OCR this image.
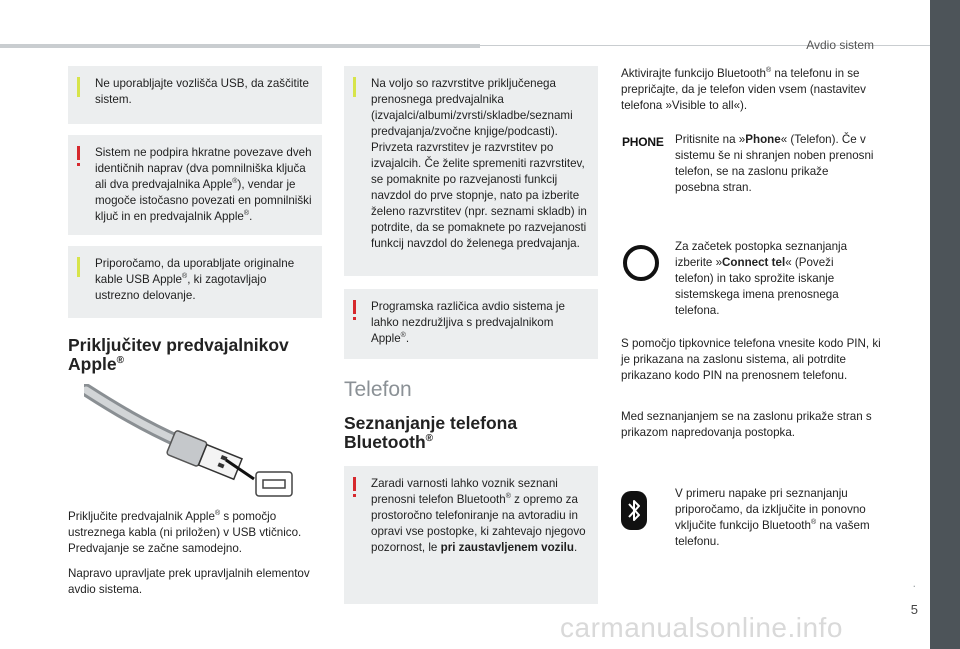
Avdio sistem
.
5
Ne uporabljajte vozlišča USB, da zaščitite sistem.
Sistem ne podpira hkratne povezave dveh identičnih naprav (dva pomnilniška ključa ali dva predvajalnika Apple®), vendar je mogoče istočasno povezati en pomnilniški ključ in en predvajalnik Apple®.
Priporočamo, da uporabljate originalne kable USB Apple®, ki zagotavljajo ustrezno delovanje.
Priključitev predvajalnikov Apple®
Priključite predvajalnik Apple® s pomočjo ustreznega kabla (ni priložen) v USB vtičnico. Predvajanje se začne samodejno.
Napravo upravljate prek upravljalnih elementov avdio sistema.
Na voljo so razvrstitve priključenega prenosnega predvajalnika (izvajalci/albumi/zvrsti/skladbe/seznami predvajanja/zvočne knjige/podcasti). Privzeta razvrstitev je razvrstitev po izvajalcih. Če želite spremeniti razvrstitev, se pomaknite po razvejanosti funkcij navzdol do prve stopnje, nato pa izberite želeno razvrstitev (npr. seznami skladb) in potrdite, da se pomaknete po razvejanosti funkcij navzdol do želenega predvajanja.
Programska različica avdio sistema je lahko nezdružljiva s predvajalnikom Apple®.
Telefon
Seznanjanje telefona Bluetooth®
Zaradi varnosti lahko voznik seznani prenosni telefon Bluetooth® z opremo za prostoročno telefoniranje na avtoradiu in opravi vse postopke, ki zahtevajo njegovo pozornost, le pri zaustavljenem vozilu.
Aktivirajte funkcijo Bluetooth® na telefonu in se prepričajte, da je telefon viden vsem (nastavitev telefona »Visible to all«).
PHONE Pritisnite na »Phone« (Telefon). Če v sistemu še ni shranjen noben prenosni telefon, se na zaslonu prikaže posebna stran.
Za začetek postopka seznanjanja izberite »Connect tel« (Poveži telefon) in tako sprožite iskanje sistemskega imena prenosnega telefona.
S pomočjo tipkovnice telefona vnesite kodo PIN, ki je prikazana na zaslonu sistema, ali potrdite prikazano kodo PIN na prenosnem telefonu.
Med seznanjanjem se na zaslonu prikaže stran s prikazom napredovanja postopka.
V primeru napake pri seznanjanju priporočamo, da izključite in ponovno vključite funkcijo Bluetooth® na vašem telefonu.
carmanualsonline.info
